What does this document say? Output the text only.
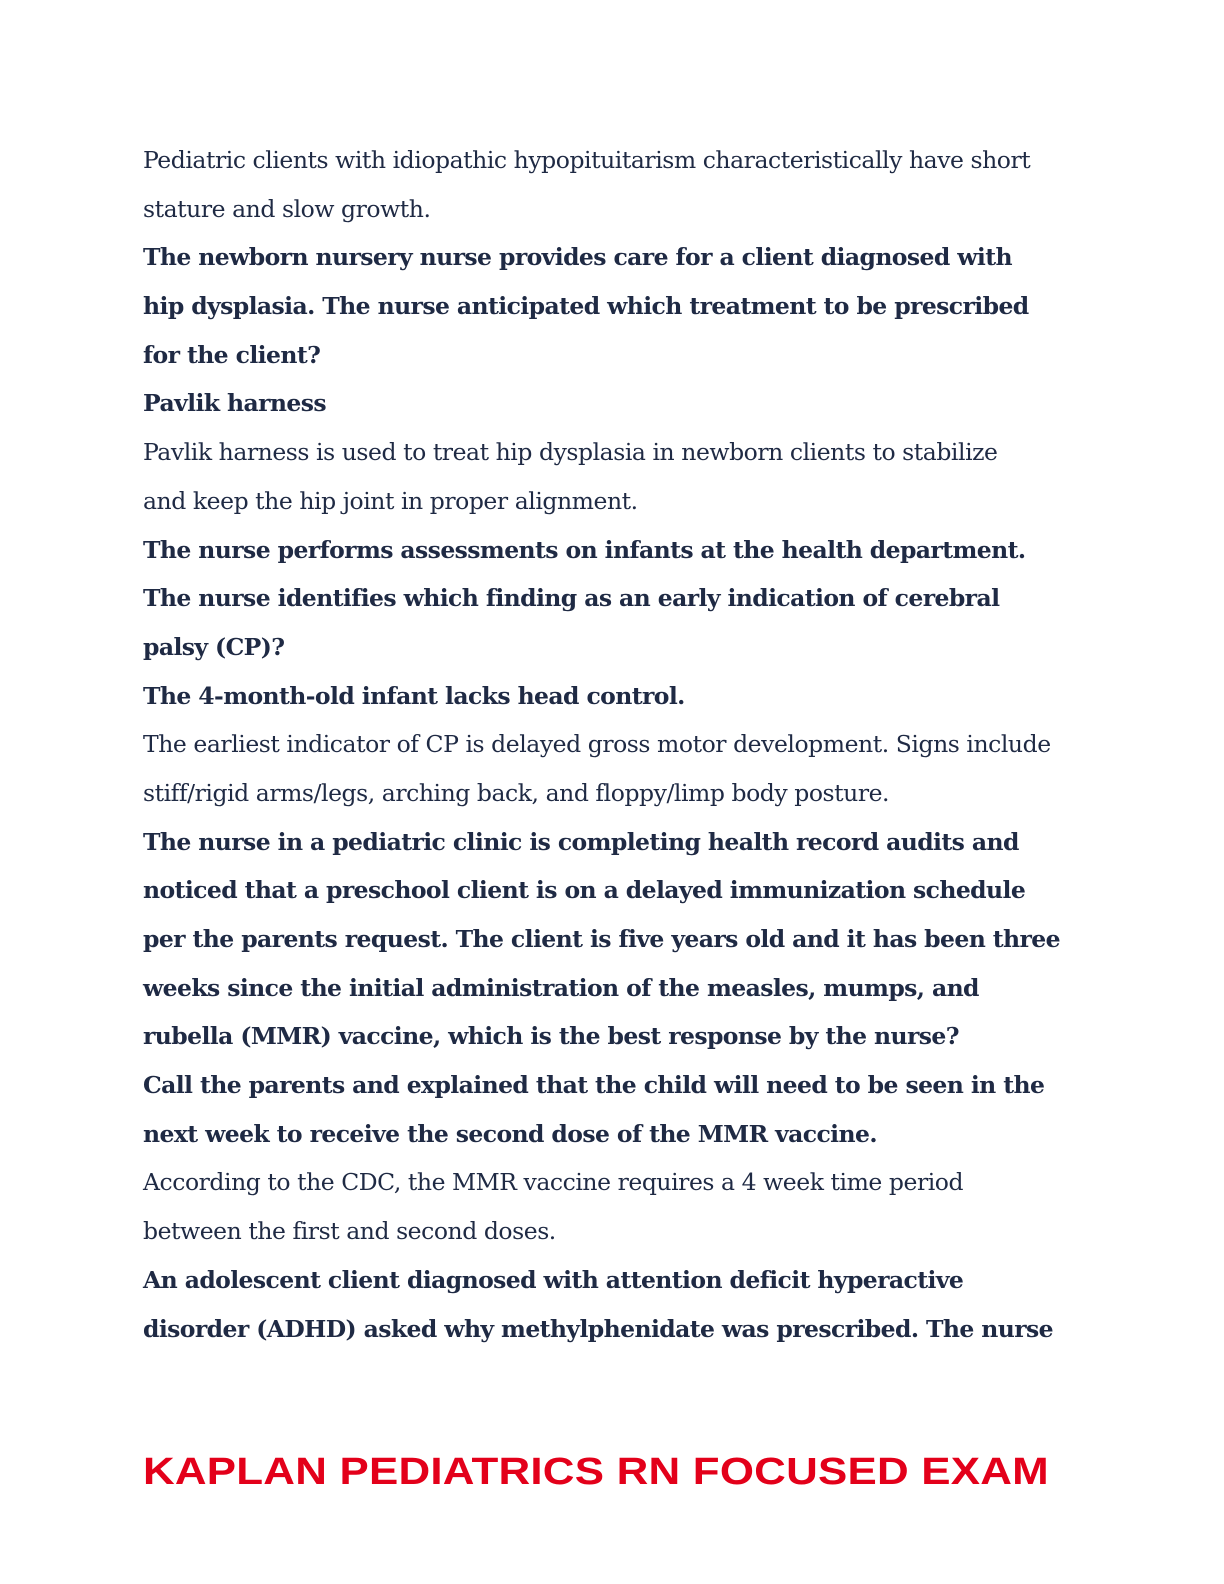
Pediatric clients with idiopathic hypopituitarism characteristically have short
stature and slow growth.
The newborn nursery nurse provides care for a client diagnosed with
hip dysplasia. The nurse anticipated which treatment to be prescribed
for the client?
Pavlik harness
Pavlik harness is used to treat hip dysplasia in newborn clients to stabilize
and keep the hip joint in proper alignment.
The nurse performs assessments on infants at the health department.
The nurse identifies which finding as an early indication of cerebral
palsy (CP)?
The 4-month-old infant lacks head control.
The earliest indicator of CP is delayed gross motor development. Signs include
stiff/rigid arms/legs, arching back, and floppy/limp body posture.
The nurse in a pediatric clinic is completing health record audits and
noticed that a preschool client is on a delayed immunization schedule
per the parents request. The client is five years old and it has been three
weeks since the initial administration of the measles, mumps, and
rubella (MMR) vaccine, which is the best response by the nurse?
Call the parents and explained that the child will need to be seen in the
next week to receive the second dose of the MMR vaccine.
According to the CDC, the MMR vaccine requires a 4 week time period
between the first and second doses.
An adolescent client diagnosed with attention deficit hyperactive
disorder (ADHD) asked why methylphenidate was prescribed. The nurse
KAPLAN PEDIATRICS RN FOCUSED EXAM
